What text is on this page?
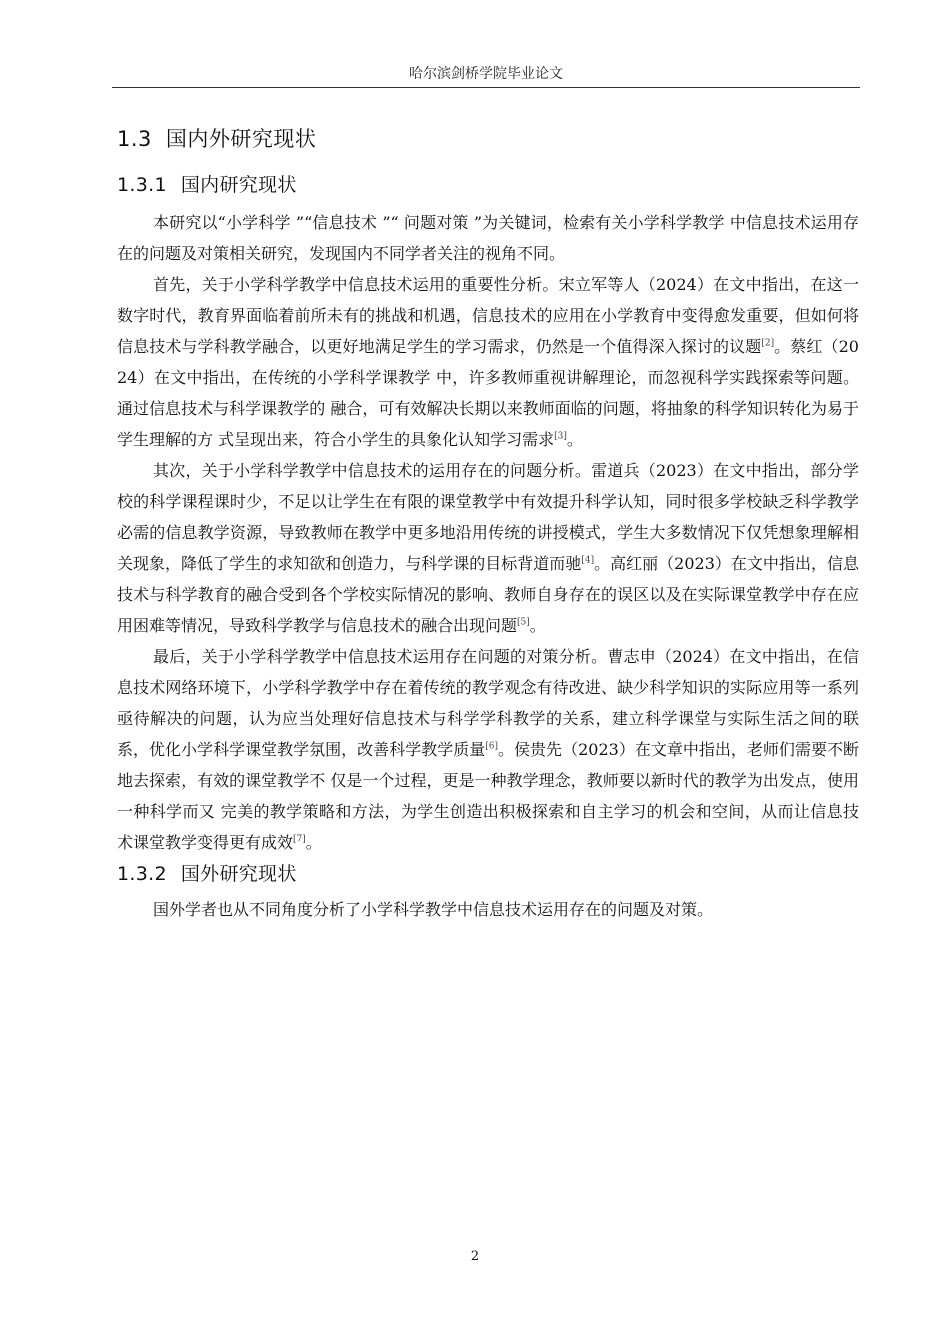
哈尔滨剑桥学院毕业论文
1.3 国内外研究现状
1.3.1 国内研究现状

本研究以“小学科学 ”“信息技术 ”“ 问题对策 ”为关键词，检索有关小学科学教学 中信息技术运用存在的问题及对策相关研究，发现国内不同学者关注的视角不同。

首先，关于小学科学教学中信息技术运用的重要性分析。宋立军等人（2024）在文中指出，在这一数字时代，教育界面临着前所未有的挑战和机遇，信息技术的应用在小学教育中变得愈发重要，但如何将信息技术与学科教学融合，以更好地满足学生的学习需求，仍然是一个值得深入探讨的议题[2]。蔡红（2024）在文中指出，在传统的小学科学课教学 中，许多教师重视讲解理论，而忽视科学实践探索等问题。通过信息技术与科学课教学的 融合，可有效解决长期以来教师面临的问题，将抽象的科学知识转化为易于学生理解的方 式呈现出来，符合小学生的具象化认知学习需求[3]。

其次，关于小学科学教学中信息技术的运用存在的问题分析。雷道兵（2023）在文中指出，部分学校的科学课程课时少，不足以让学生在有限的课堂教学中有效提升科学认知，同时很多学校缺乏科学教学必需的信息教学资源，导致教师在教学中更多地沿用传统的讲授模式，学生大多数情况下仅凭想象理解相关现象，降低了学生的求知欲和创造力，与科学课的目标背道而驰[4]。高红丽（2023）在文中指出，信息技术与科学教育的融合受到各个学校实际情况的影响、教师自身存在的误区以及在实际课堂教学中存在应用困难等情况，导致科学教学与信息技术的融合出现问题[5]。

最后，关于小学科学教学中信息技术运用存在问题的对策分析。曹志申（2024）在文中指出，在信息技术网络环境下，小学科学教学中存在着传统的教学观念有待改进、缺少科学知识的实际应用等一系列亟待解决的问题，认为应当处理好信息技术与科学学科教学的关系，建立科学课堂与实际生活之间的联系，优化小学科学课堂教学氛围，改善科学教学质量[6]。侯贵先（2023）在文章中指出，老师们需要不断地去探索，有效的课堂教学不 仅是一个过程，更是一种教学理念，教师要以新时代的教学为出发点，使用一种科学而又 完美的教学策略和方法，为学生创造出积极探索和自主学习的机会和空间，从而让信息技 术课堂教学变得更有成效[7]。

1.3.2 国外研究现状

国外学者也从不同角度分析了小学科学教学中信息技术运用存在的问题及对策。

2
